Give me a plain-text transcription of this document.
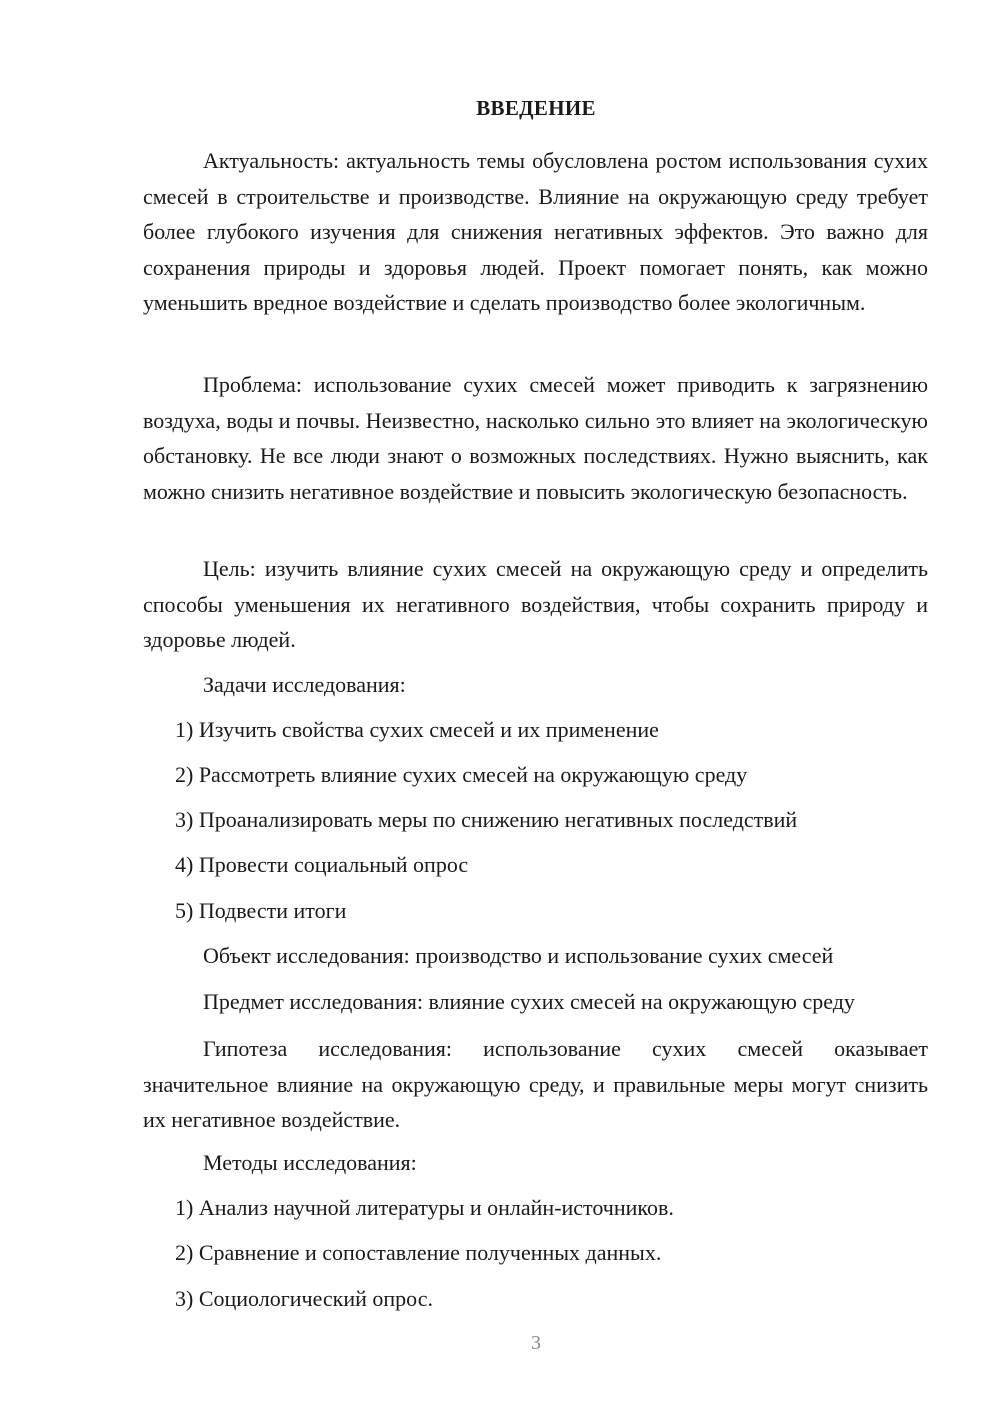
ВВЕДЕНИЕ

Актуальность: актуальность темы обусловлена ростом использования сухих смесей в строительстве и производстве. Влияние на окружающую среду требует более глубокого изучения для снижения негативных эффектов. Это важно для сохранения природы и здоровья людей. Проект помогает понять, как можно уменьшить вредное воздействие и сделать производство более экологичным.

Проблема: использование сухих смесей может приводить к загрязнению воздуха, воды и почвы. Неизвестно, насколько сильно это влияет на экологическую обстановку. Не все люди знают о возможных последствиях. Нужно выяснить, как можно снизить негативное воздействие и повысить экологическую безопасность.

Цель: изучить влияние сухих смесей на окружающую среду и определить способы уменьшения их негативного воздействия, чтобы сохранить природу и здоровье людей.

Задачи исследования:
1) Изучить свойства сухих смесей и их применение
2) Рассмотреть влияние сухих смесей на окружающую среду
3) Проанализировать меры по снижению негативных последствий
4) Провести социальный опрос
5) Подвести итоги
Объект исследования: производство и использование сухих смесей
Предмет исследования: влияние сухих смесей на окружающую среду

Гипотеза исследования: использование сухих смесей оказывает значительное влияние на окружающую среду, и правильные меры могут снизить их негативное воздействие.

Методы исследования:
1) Анализ научной литературы и онлайн-источников.
2) Сравнение и сопоставление полученных данных.
3) Социологический опрос.
3
